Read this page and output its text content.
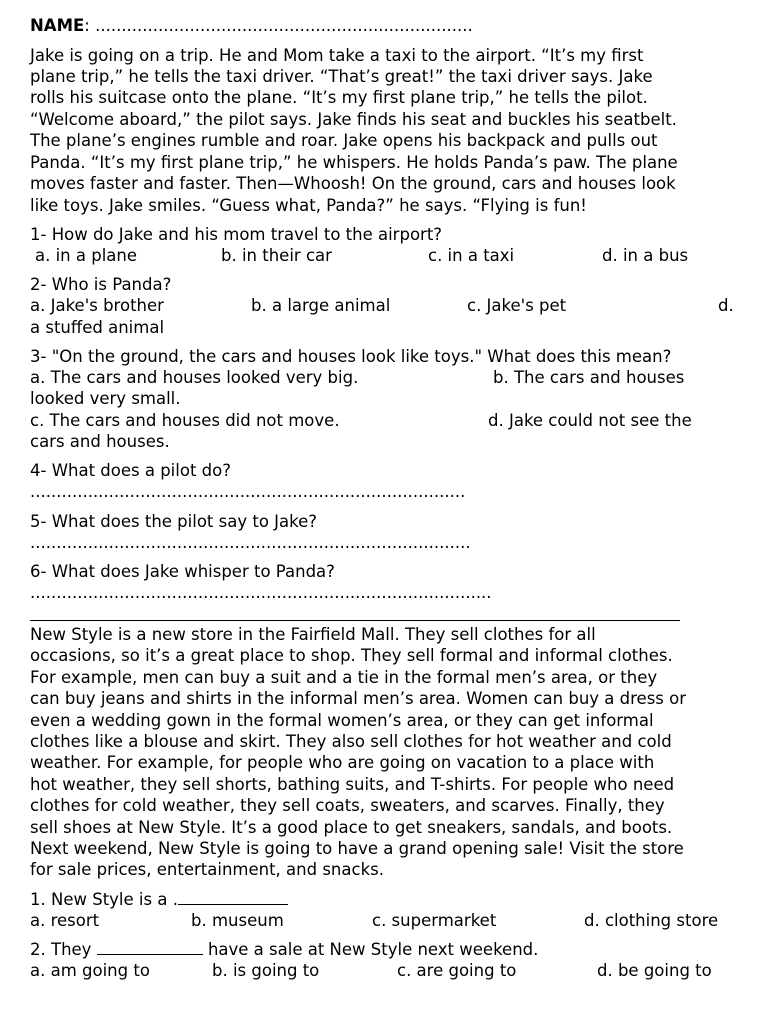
NAME: ........................................................................
Jake is going on a trip. He and Mom take a taxi to the airport. “It’s my first
plane trip,” he tells the taxi driver. “That’s great!” the taxi driver says. Jake
rolls his suitcase onto the plane. “It’s my first plane trip,” he tells the pilot.
“Welcome aboard,” the pilot says. Jake finds his seat and buckles his seatbelt.
The plane’s engines rumble and roar. Jake opens his backpack and pulls out
Panda. “It’s my first plane trip,” he whispers. He holds Panda’s paw. The plane
moves faster and faster. Then—Whoosh! On the ground, cars and houses look
like toys. Jake smiles. “Guess what, Panda?” he says. “Flying is fun!
1- How do Jake and his mom travel to the airport?
a. in a plane	b. in their car	c. in a taxi	d. in a bus
2- Who is Panda?
a. Jake's brother	b. a large animal	c. Jake's pet	d.
a stuffed animal
3- "On the ground, the cars and houses look like toys." What does this mean?
a. The cars and houses looked very big.	b. The cars and houses
looked very small.
c. The cars and houses did not move.	d. Jake could not see the
cars and houses.
4- What does a pilot do?
...................................................................................
5- What does the pilot say to Jake?
....................................................................................
6- What does Jake whisper to Panda?
........................................................................................
New Style is a new store in the Fairfield Mall. They sell clothes for all
occasions, so it’s a great place to shop. They sell formal and informal clothes.
For example, men can buy a suit and a tie in the formal men’s area, or they
can buy jeans and shirts in the informal men’s area. Women can buy a dress or
even a wedding gown in the formal women’s area, or they can get informal
clothes like a blouse and skirt. They also sell clothes for hot weather and cold
weather. For example, for people who are going on vacation to a place with
hot weather, they sell shorts, bathing suits, and T-shirts. For people who need
clothes for cold weather, they sell coats, sweaters, and scarves. Finally, they
sell shoes at New Style. It’s a good place to get sneakers, sandals, and boots.
Next weekend, New Style is going to have a grand opening sale! Visit the store
for sale prices, entertainment, and snacks.
1. New Style is a .
a. resort	b. museum	c. supermarket	d. clothing store
2. They	have a sale at New Style next weekend.
a. am going to	b. is going to	c. are going to	d. be going to
